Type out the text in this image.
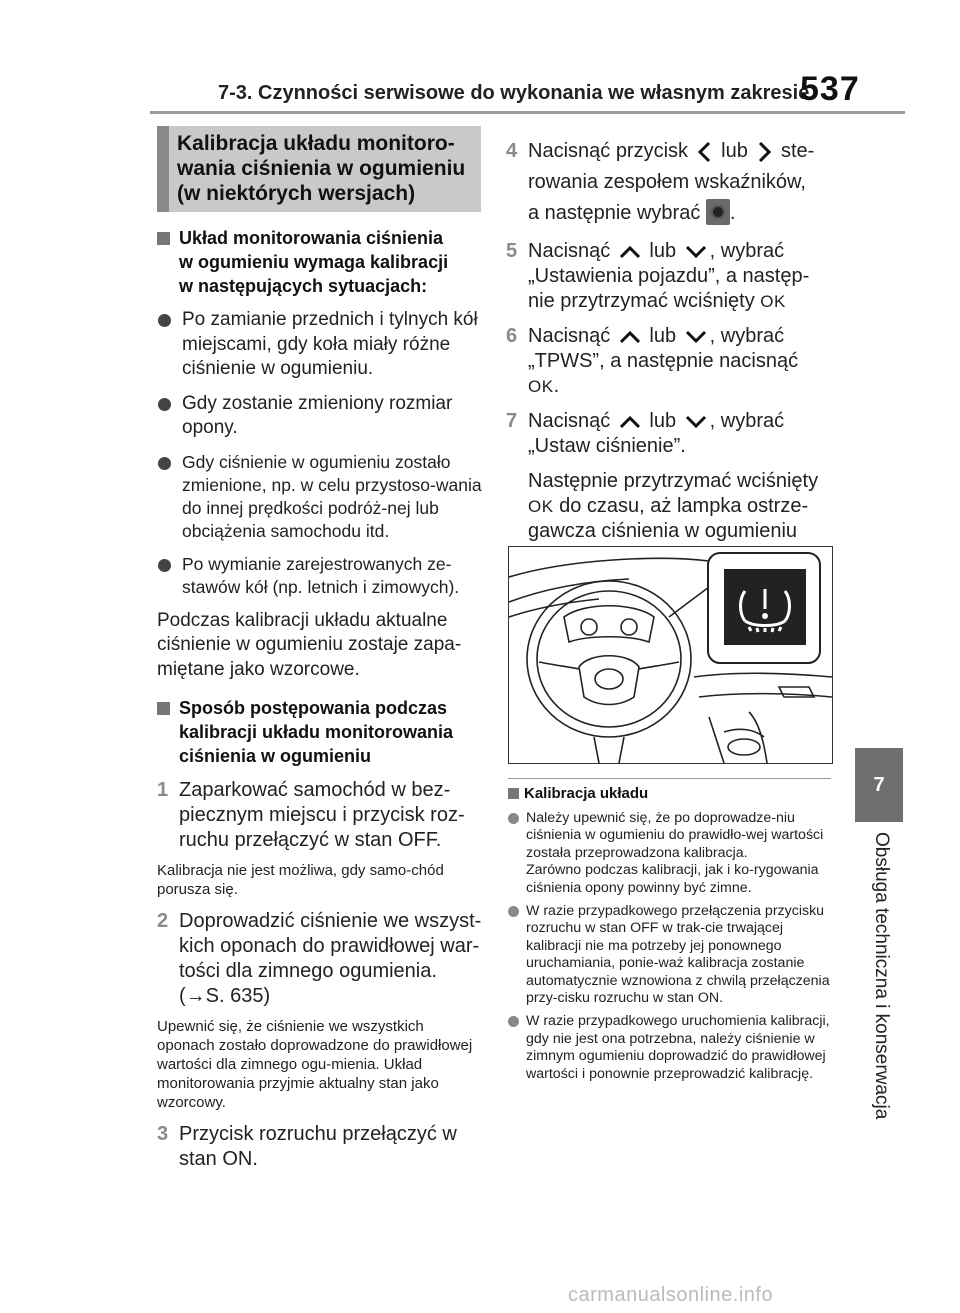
7-3. Czynności serwisowe do wykonania we własnym zakresie
537
7
Obsługa techniczna i konserwacja
Kalibracja układu monitoro-
wania ciśnienia w ogumieniu
(w niektórych wersjach)
Układ monitorowania ciśnienia
w ogumieniu wymaga kalibracji
w następujących sytuacjach:
Po zamianie przednich i tylnych kół miejscami, gdy koła miały różne ciśnienie w ogumieniu.
Gdy zostanie zmieniony rozmiar opony.
Gdy ciśnienie w ogumieniu zostało zmienione, np. w celu przystoso-wania do innej prędkości podróż-nej lub obciążenia samochodu itd.
Po wymianie zarejestrowanych ze-stawów kół (np. letnich i zimowych).
Podczas kalibracji układu aktualne ciśnienie w ogumieniu zostaje zapa-miętane jako wzorcowe.
Sposób postępowania podczas
kalibracji układu monitorowania
ciśnienia w ogumieniu
1 Zaparkować samochód w bez-piecznym miejscu i przycisk roz-ruchu przełączyć w stan OFF.
Kalibracja nie jest możliwa, gdy samo-chód porusza się.
2 Doprowadzić ciśnienie we wszyst-kich oponach do prawidłowej war-tości dla zimnego ogumienia.
(→S. 635)
Upewnić się, że ciśnienie we wszystkich oponach zostało doprowadzone do prawidłowej wartości dla zimnego ogu-mienia. Układ monitorowania przyjmie aktualny stan jako wzorcowy.
3 Przycisk rozruchu przełączyć w stan ON.
4 Nacisnąć przycisk lub ste-
rowania zespołem wskaźników,
a następnie wybrać .
5 Nacisnąć lub , wybrać
„Ustawienia pojazdu”, a następ-
nie przytrzymać wciśnięty OK
6 Nacisnąć lub , wybrać
„TPWS”, a następnie nacisnąć
OK.
7 Nacisnąć lub , wybrać
„Ustaw ciśnienie”.
Następnie przytrzymać wciśnięty
OK do czasu, aż lampka ostrze-
gawcza ciśnienia w ogumieniu

Kalibracja układu
Należy upewnić się, że po doprowadze-niu ciśnienia w ogumieniu do prawidło-wej wartości została przeprowadzona kalibracja.
Zarówno podczas kalibracji, jak i ko-rygowania ciśnienia opony powinny być zimne.
W razie przypadkowego przełączenia przycisku rozruchu w stan OFF w trak-cie trwającej kalibracji nie ma potrzeby jej ponownego uruchamiania, ponie-waż kalibracja zostanie automatycznie wznowiona z chwilą przełączenia przy-cisku rozruchu w stan ON.
W razie przypadkowego uruchomienia kalibracji, gdy nie jest ona potrzebna, należy ciśnienie w zimnym ogumieniu doprowadzić do prawidłowej wartości i ponownie przeprowadzić kalibrację.
carmanualsonline.info
